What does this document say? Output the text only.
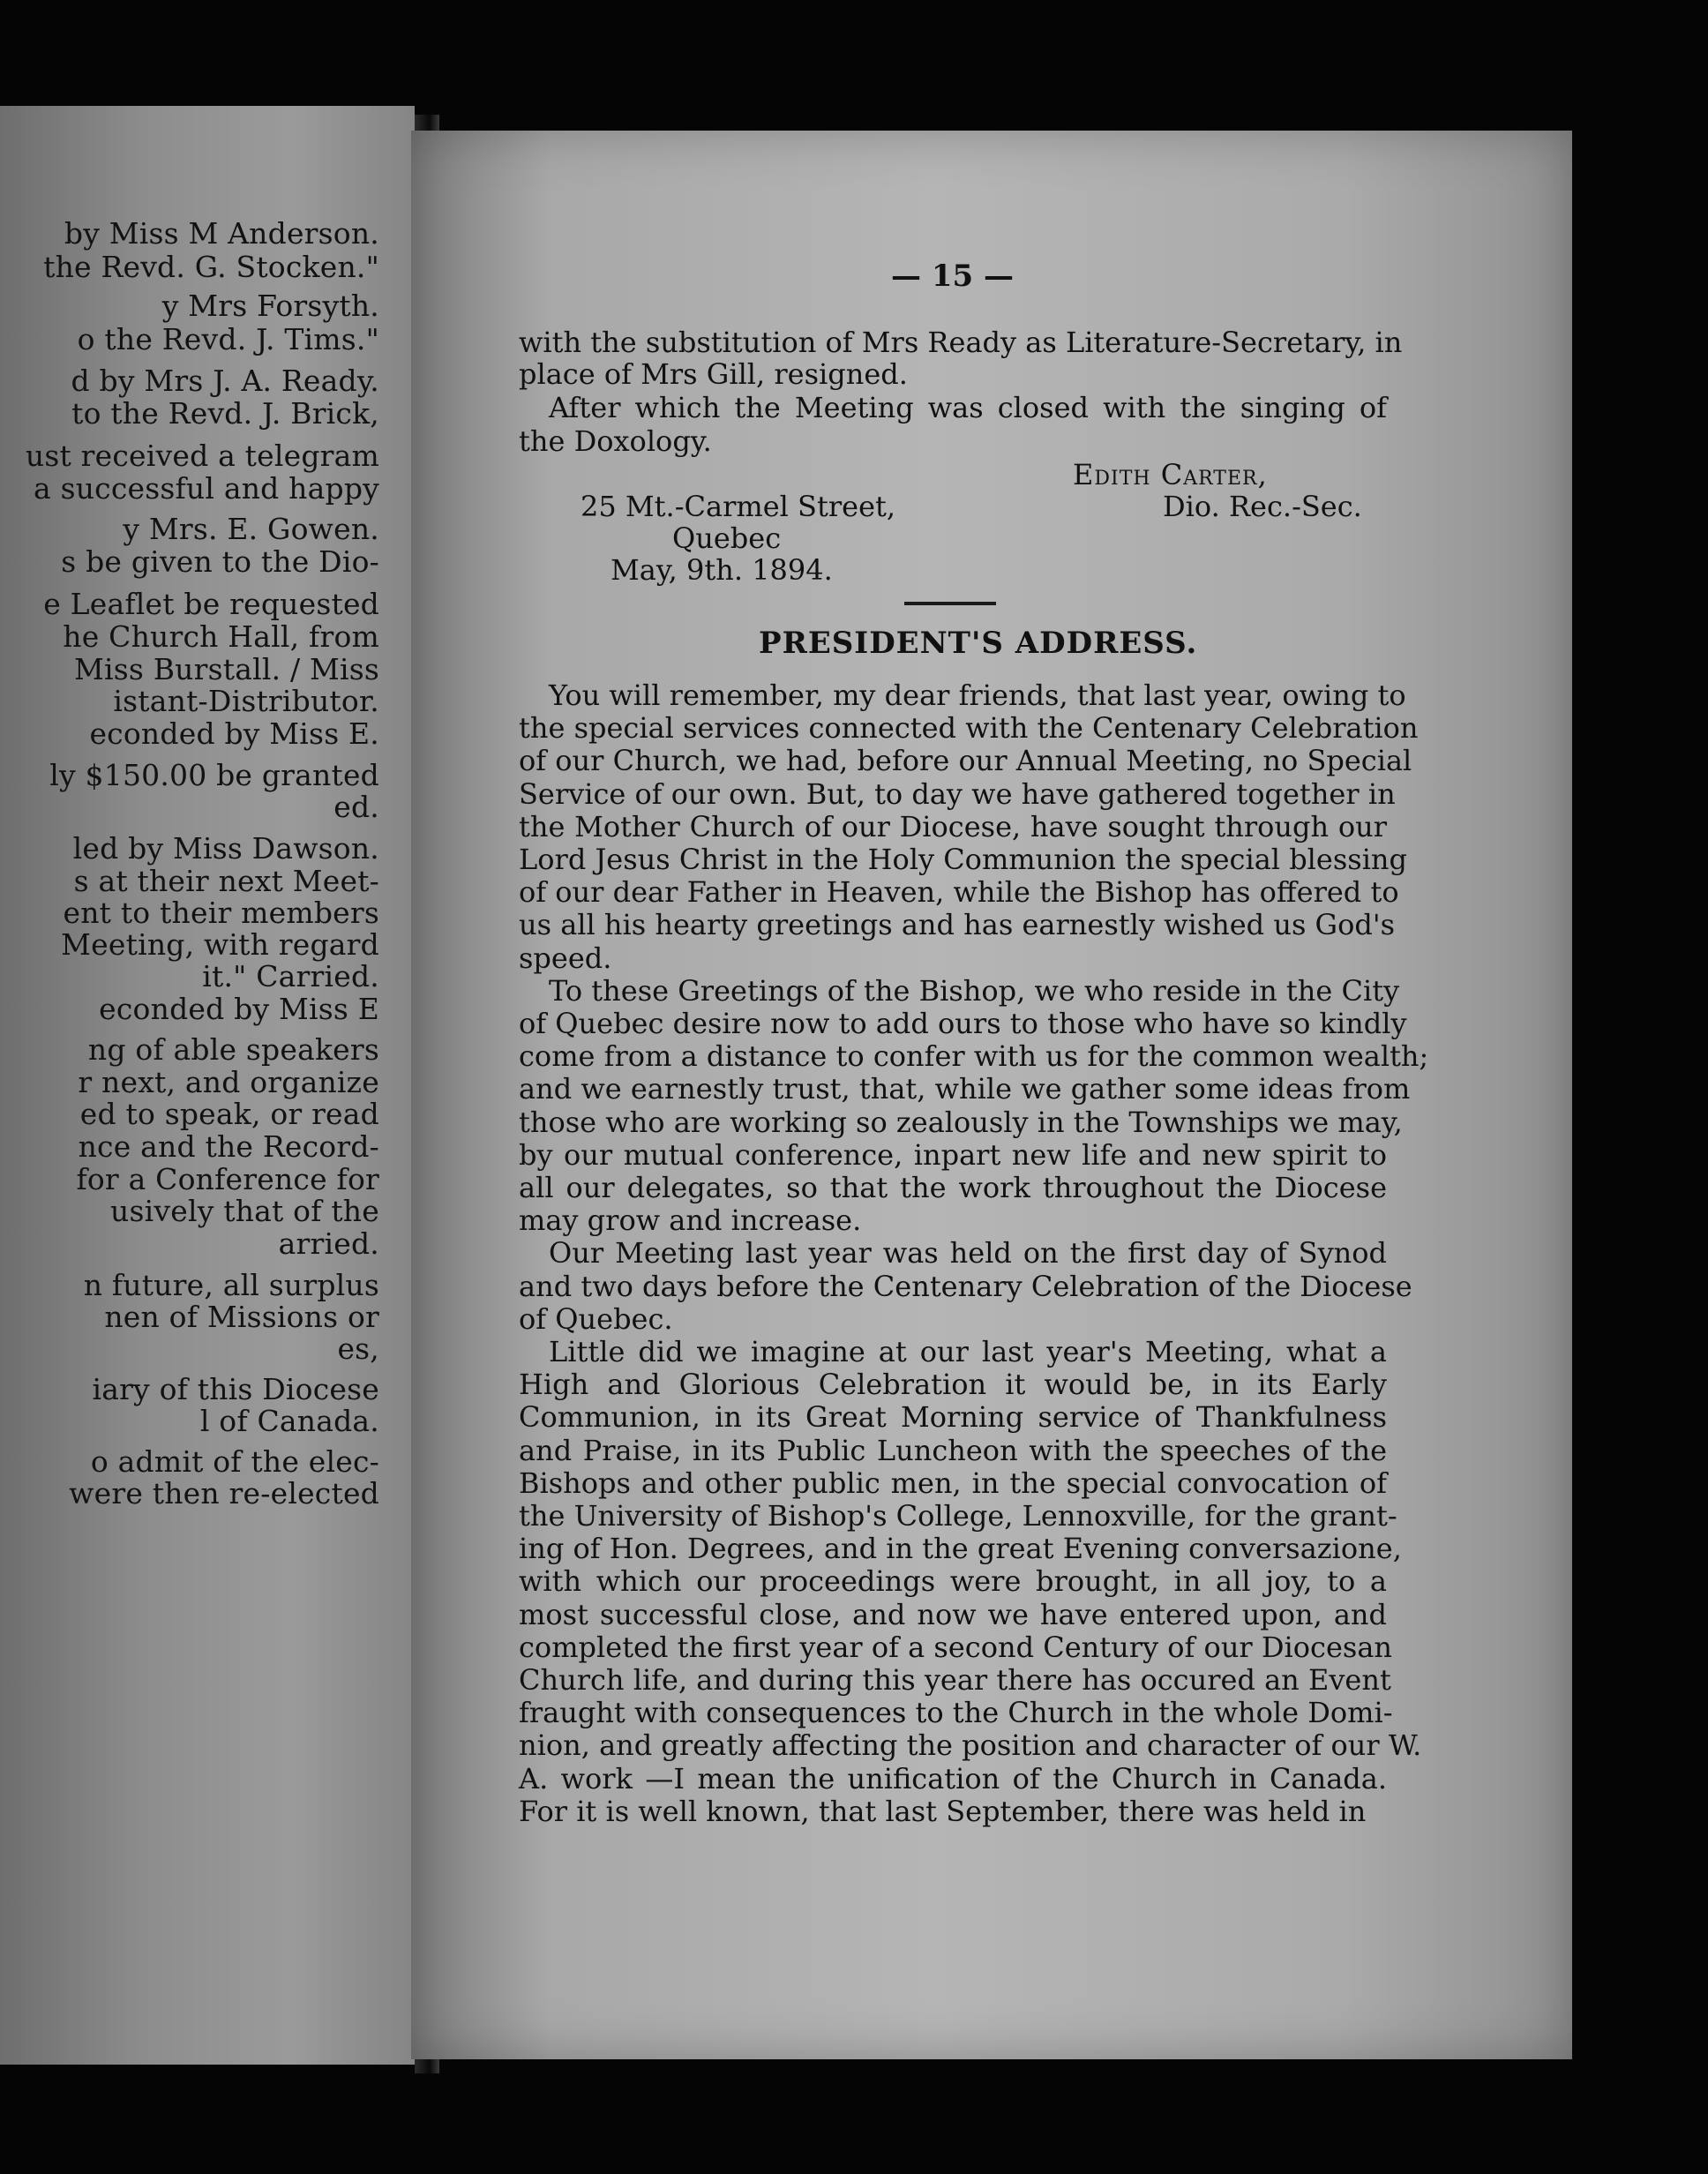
by Miss M Anderson.
the Revd. G. Stocken."
y Mrs Forsyth.
o the Revd. J. Tims."
d by Mrs J. A. Ready.
to the Revd. J. Brick,
ust received a telegram
a successful and happy
y Mrs. E. Gowen.
s be given to the Dio-
e Leaflet be requested
he Church Hall, from
Miss Burstall. / Miss
istant-Distributor.
econded by Miss E.
ly $150.00 be granted
ed.
led by Miss Dawson.
s at their next Meet-
ent to their members
Meeting, with regard
it." Carried.
econded by Miss E
ng of able speakers
r next, and organize
ed to speak, or read
nce and the Record-
for a Conference for
usively that of the
arried.
n future, all surplus
nen of Missions or
es,
iary of this Diocese
l of Canada.
o admit of the elec-
were then re-elected
— 15 —
with the substitution of Mrs Ready as Literature-Secretary, in
place of Mrs Gill, resigned.
After which the Meeting was closed with the singing of
the Doxology.
Edith Carter,
Dio. Rec.-Sec.
25 Mt.-Carmel Street,
Quebec
May, 9th. 1894.
PRESIDENT'S ADDRESS.
You will remember, my dear friends, that last year, owing to
the special services connected with the Centenary Celebration
of our Church, we had, before our Annual Meeting, no Special
Service of our own. But, to day we have gathered together in
the Mother Church of our Diocese, have sought through our
Lord Jesus Christ in the Holy Communion the special blessing
of our dear Father in Heaven, while the Bishop has offered to
us all his hearty greetings and has earnestly wished us God's
speed.
To these Greetings of the Bishop, we who reside in the City
of Quebec desire now to add ours to those who have so kindly
come from a distance to confer with us for the common wealth;
and we earnestly trust, that, while we gather some ideas from
those who are working so zealously in the Townships we may,
by our mutual conference, inpart new life and new spirit to
all our delegates, so that the work throughout the Diocese
may grow and increase.
Our Meeting last year was held on the first day of Synod
and two days before the Centenary Celebration of the Diocese
of Quebec.
Little did we imagine at our last year's Meeting, what a
High and Glorious Celebration it would be, in its Early
Communion, in its Great Morning service of Thankfulness
and Praise, in its Public Luncheon with the speeches of the
Bishops and other public men, in the special convocation of
the University of Bishop's College, Lennoxville, for the grant-
ing of Hon. Degrees, and in the great Evening conversazione,
with which our proceedings were brought, in all joy, to a
most successful close, and now we have entered upon, and
completed the first year of a second Century of our Diocesan
Church life, and during this year there has occured an Event
fraught with consequences to the Church in the whole Domi-
nion, and greatly affecting the position and character of our W.
A. work —I mean the unification of the Church in Canada.
For it is well known, that last September, there was held in
